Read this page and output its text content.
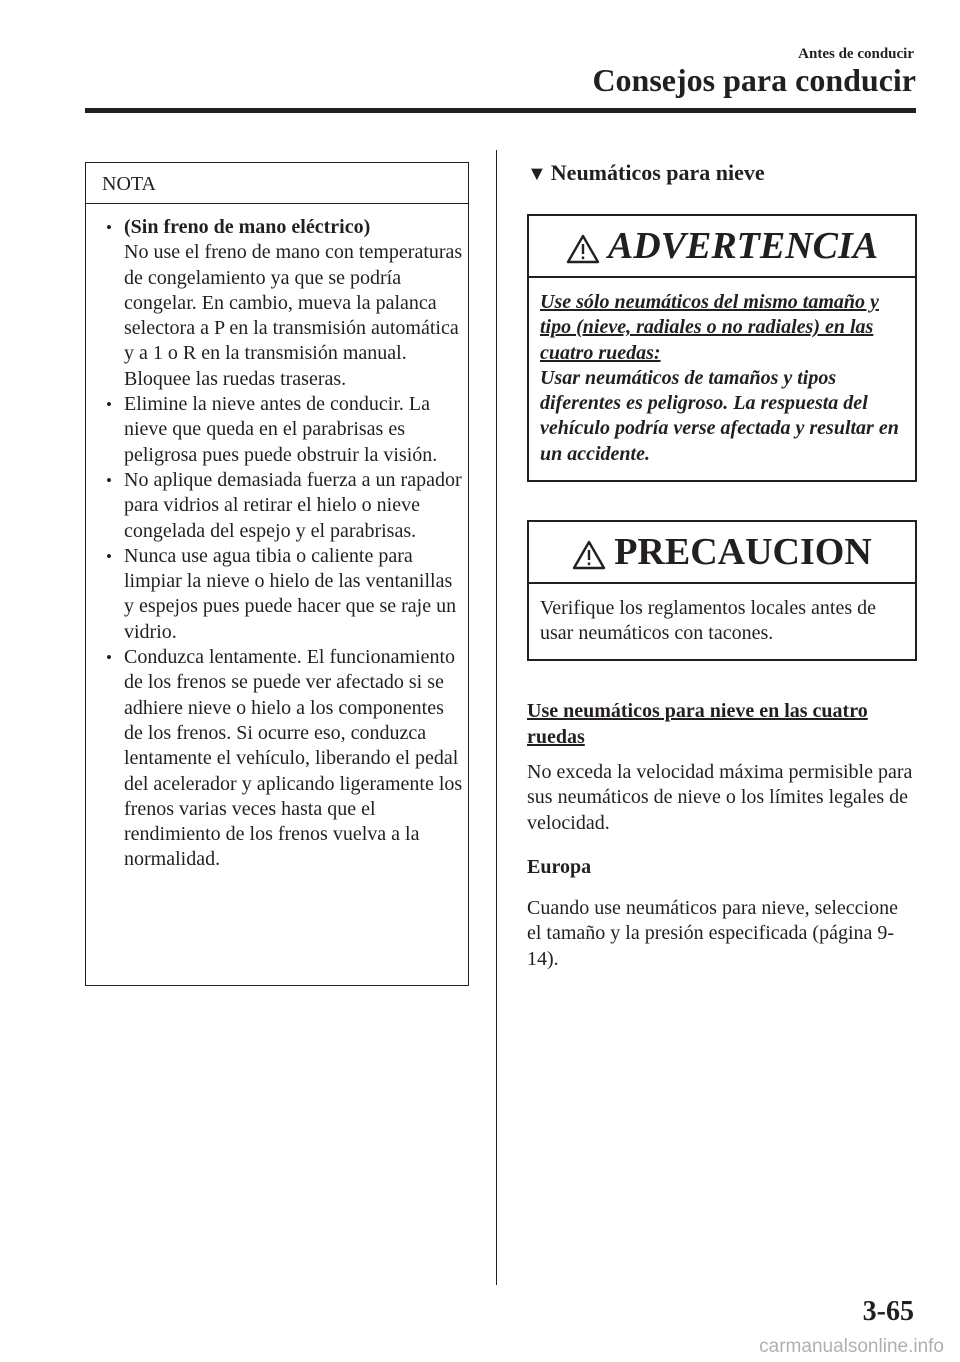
Antes de conducir
Consejos para conducir
NOTA
• (Sin freno de mano eléctrico)
No use el freno de mano con temperaturas de congelamiento ya que se podría congelar. En cambio, mueva la palanca selectora a P en la transmisión automática y a 1 o R en la transmisión manual. Bloquee las ruedas traseras.
• Elimine la nieve antes de conducir. La nieve que queda en el parabrisas es peligrosa pues puede obstruir la visión.
• No aplique demasiada fuerza a un rapador para vidrios al retirar el hielo o nieve congelada del espejo y el parabrisas.
• Nunca use agua tibia o caliente para limpiar la nieve o hielo de las ventanillas y espejos pues puede hacer que se raje un vidrio.
• Conduzca lentamente. El funcionamiento de los frenos se puede ver afectado si se adhiere nieve o hielo a los componentes de los frenos. Si ocurre eso, conduzca lentamente el vehículo, liberando el pedal del acelerador y aplicando ligeramente los frenos varias veces hasta que el rendimiento de los frenos vuelva a la normalidad.
▼ Neumáticos para nieve
ADVERTENCIA
Use sólo neumáticos del mismo tamaño y tipo (nieve, radiales o no radiales) en las cuatro ruedas:
Usar neumáticos de tamaños y tipos diferentes es peligroso. La respuesta del vehículo podría verse afectada y resultar en un accidente.
PRECAUCION
Verifique los reglamentos locales antes de usar neumáticos con tacones.
Use neumáticos para nieve en las cuatro ruedas
No exceda la velocidad máxima permisible para sus neumáticos de nieve o los límites legales de velocidad.
Europa
Cuando use neumáticos para nieve, seleccione el tamaño y la presión especificada (página 9-14).
3-65
carmanualsonline.info
